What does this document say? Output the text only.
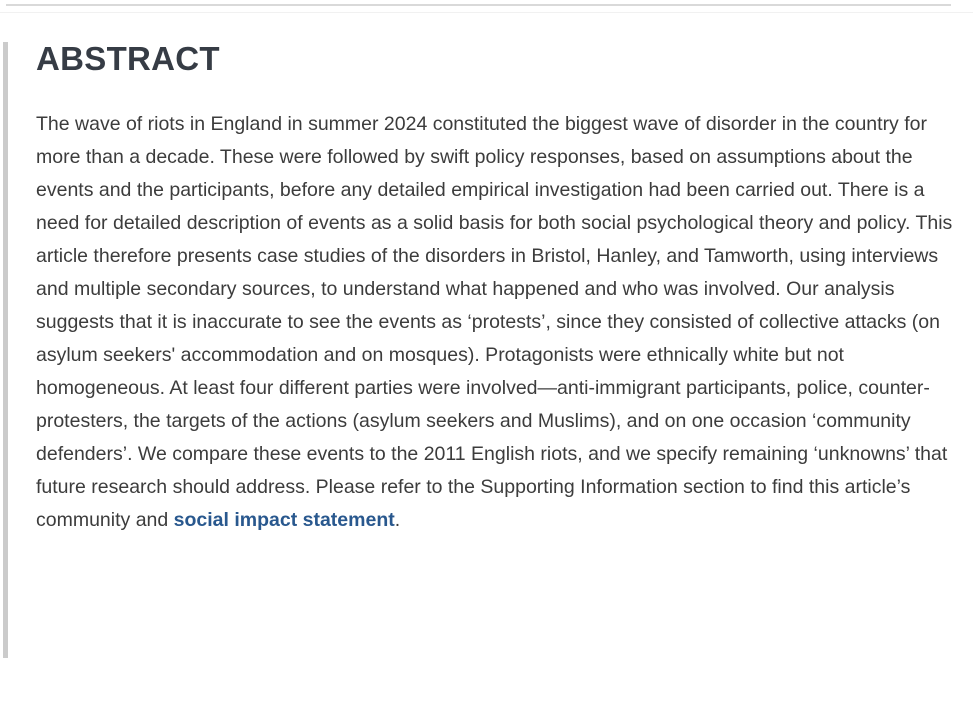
ABSTRACT

The wave of riots in England in summer 2024 constituted the biggest wave of disorder in the country for more than a decade. These were followed by swift policy responses, based on assumptions about the events and the participants, before any detailed empirical investigation had been carried out. There is a need for detailed description of events as a solid basis for both social psychological theory and policy. This article therefore presents case studies of the disorders in Bristol, Hanley, and Tamworth, using interviews and multiple secondary sources, to understand what happened and who was involved. Our analysis suggests that it is inaccurate to see the events as ‘protests’, since they consisted of collective attacks (on asylum seekers' accommodation and on mosques). Protagonists were ethnically white but not homogeneous. At least four different parties were involved—anti-immigrant participants, police, counter-protesters, the targets of the actions (asylum seekers and Muslims), and on one occasion ‘community defenders’. We compare these events to the 2011 English riots, and we specify remaining ‘unknowns’ that future research should address. Please refer to the Supporting Information section to find this article’s community and social impact statement.
